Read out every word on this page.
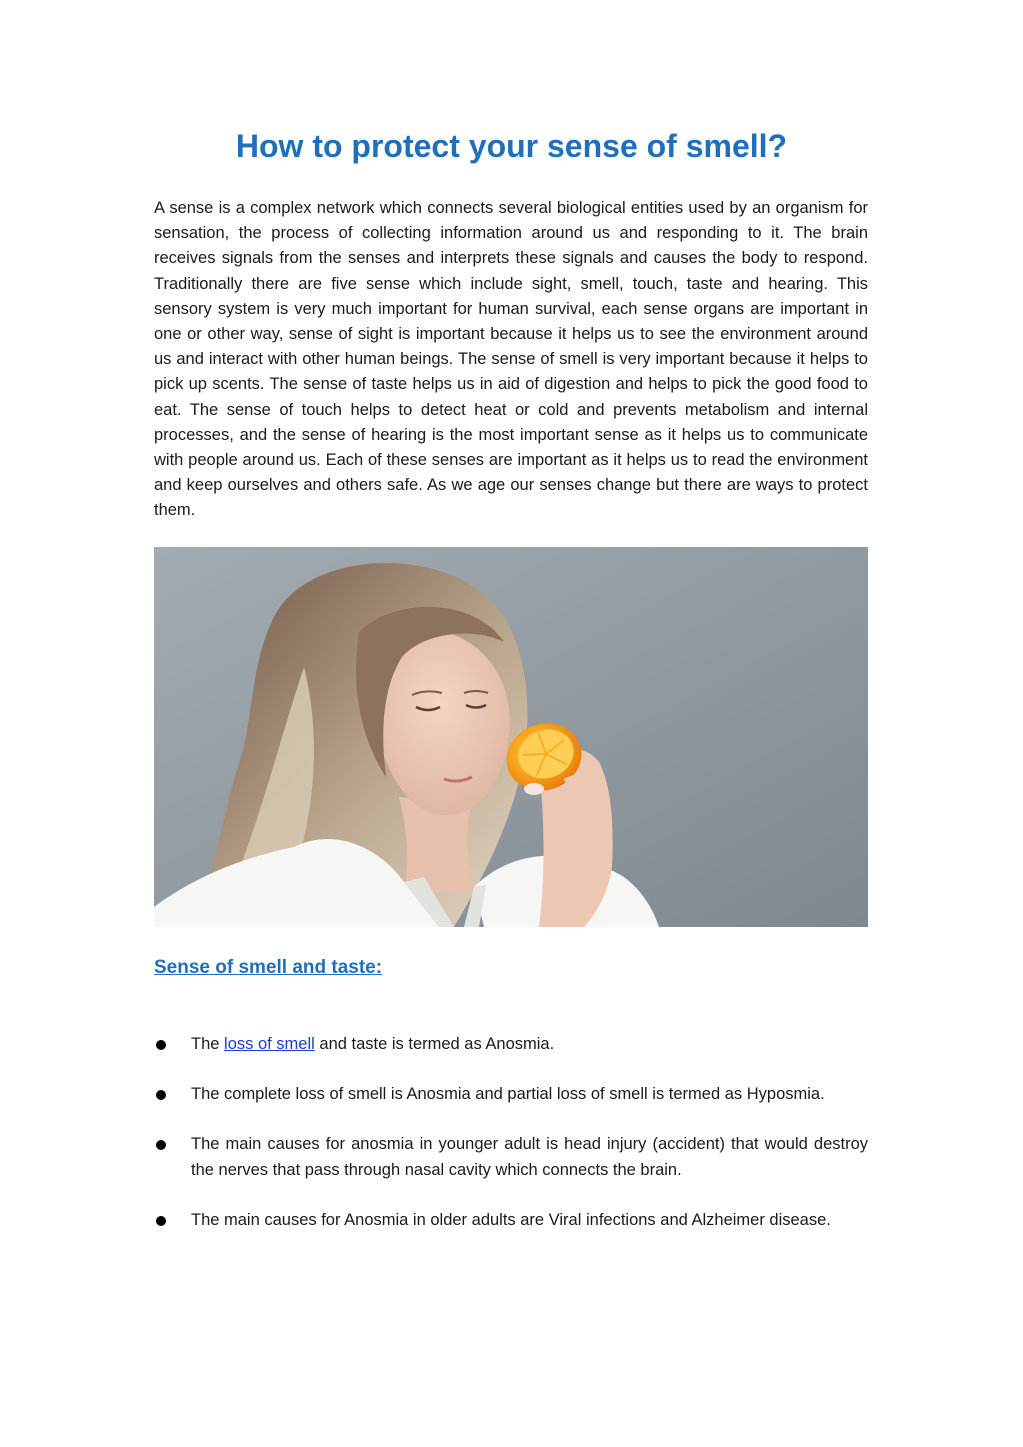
How to protect your sense of smell?

A sense is a complex network which connects several biological entities used by an organism for sensation, the process of collecting information around us and responding to it. The brain receives signals from the senses and interprets these signals and causes the body to respond. Traditionally there are five sense which include sight, smell, touch, taste and hearing. This sensory system is very much important for human survival, each sense organs are important in one or other way, sense of sight is important because it helps us to see the environment around us and interact with other human beings. The sense of smell is very important because it helps to pick up scents. The sense of taste helps us in aid of digestion and helps to pick the good food to eat. The sense of touch helps to detect heat or cold and prevents metabolism and internal processes, and the sense of hearing is the most important sense as it helps us to communicate with people around us. Each of these senses are important as it helps us to read the environment and keep ourselves and others safe. As we age our senses change but there are ways to protect them.

Sense of smell and taste:
The loss of smell and taste is termed as Anosmia.
The complete loss of smell is Anosmia and partial loss of smell is termed as Hyposmia.
The main causes for anosmia in younger adult is head injury (accident) that would destroy the nerves that pass through nasal cavity which connects the brain.
The main causes for Anosmia in older adults are Viral infections and Alzheimer disease.
